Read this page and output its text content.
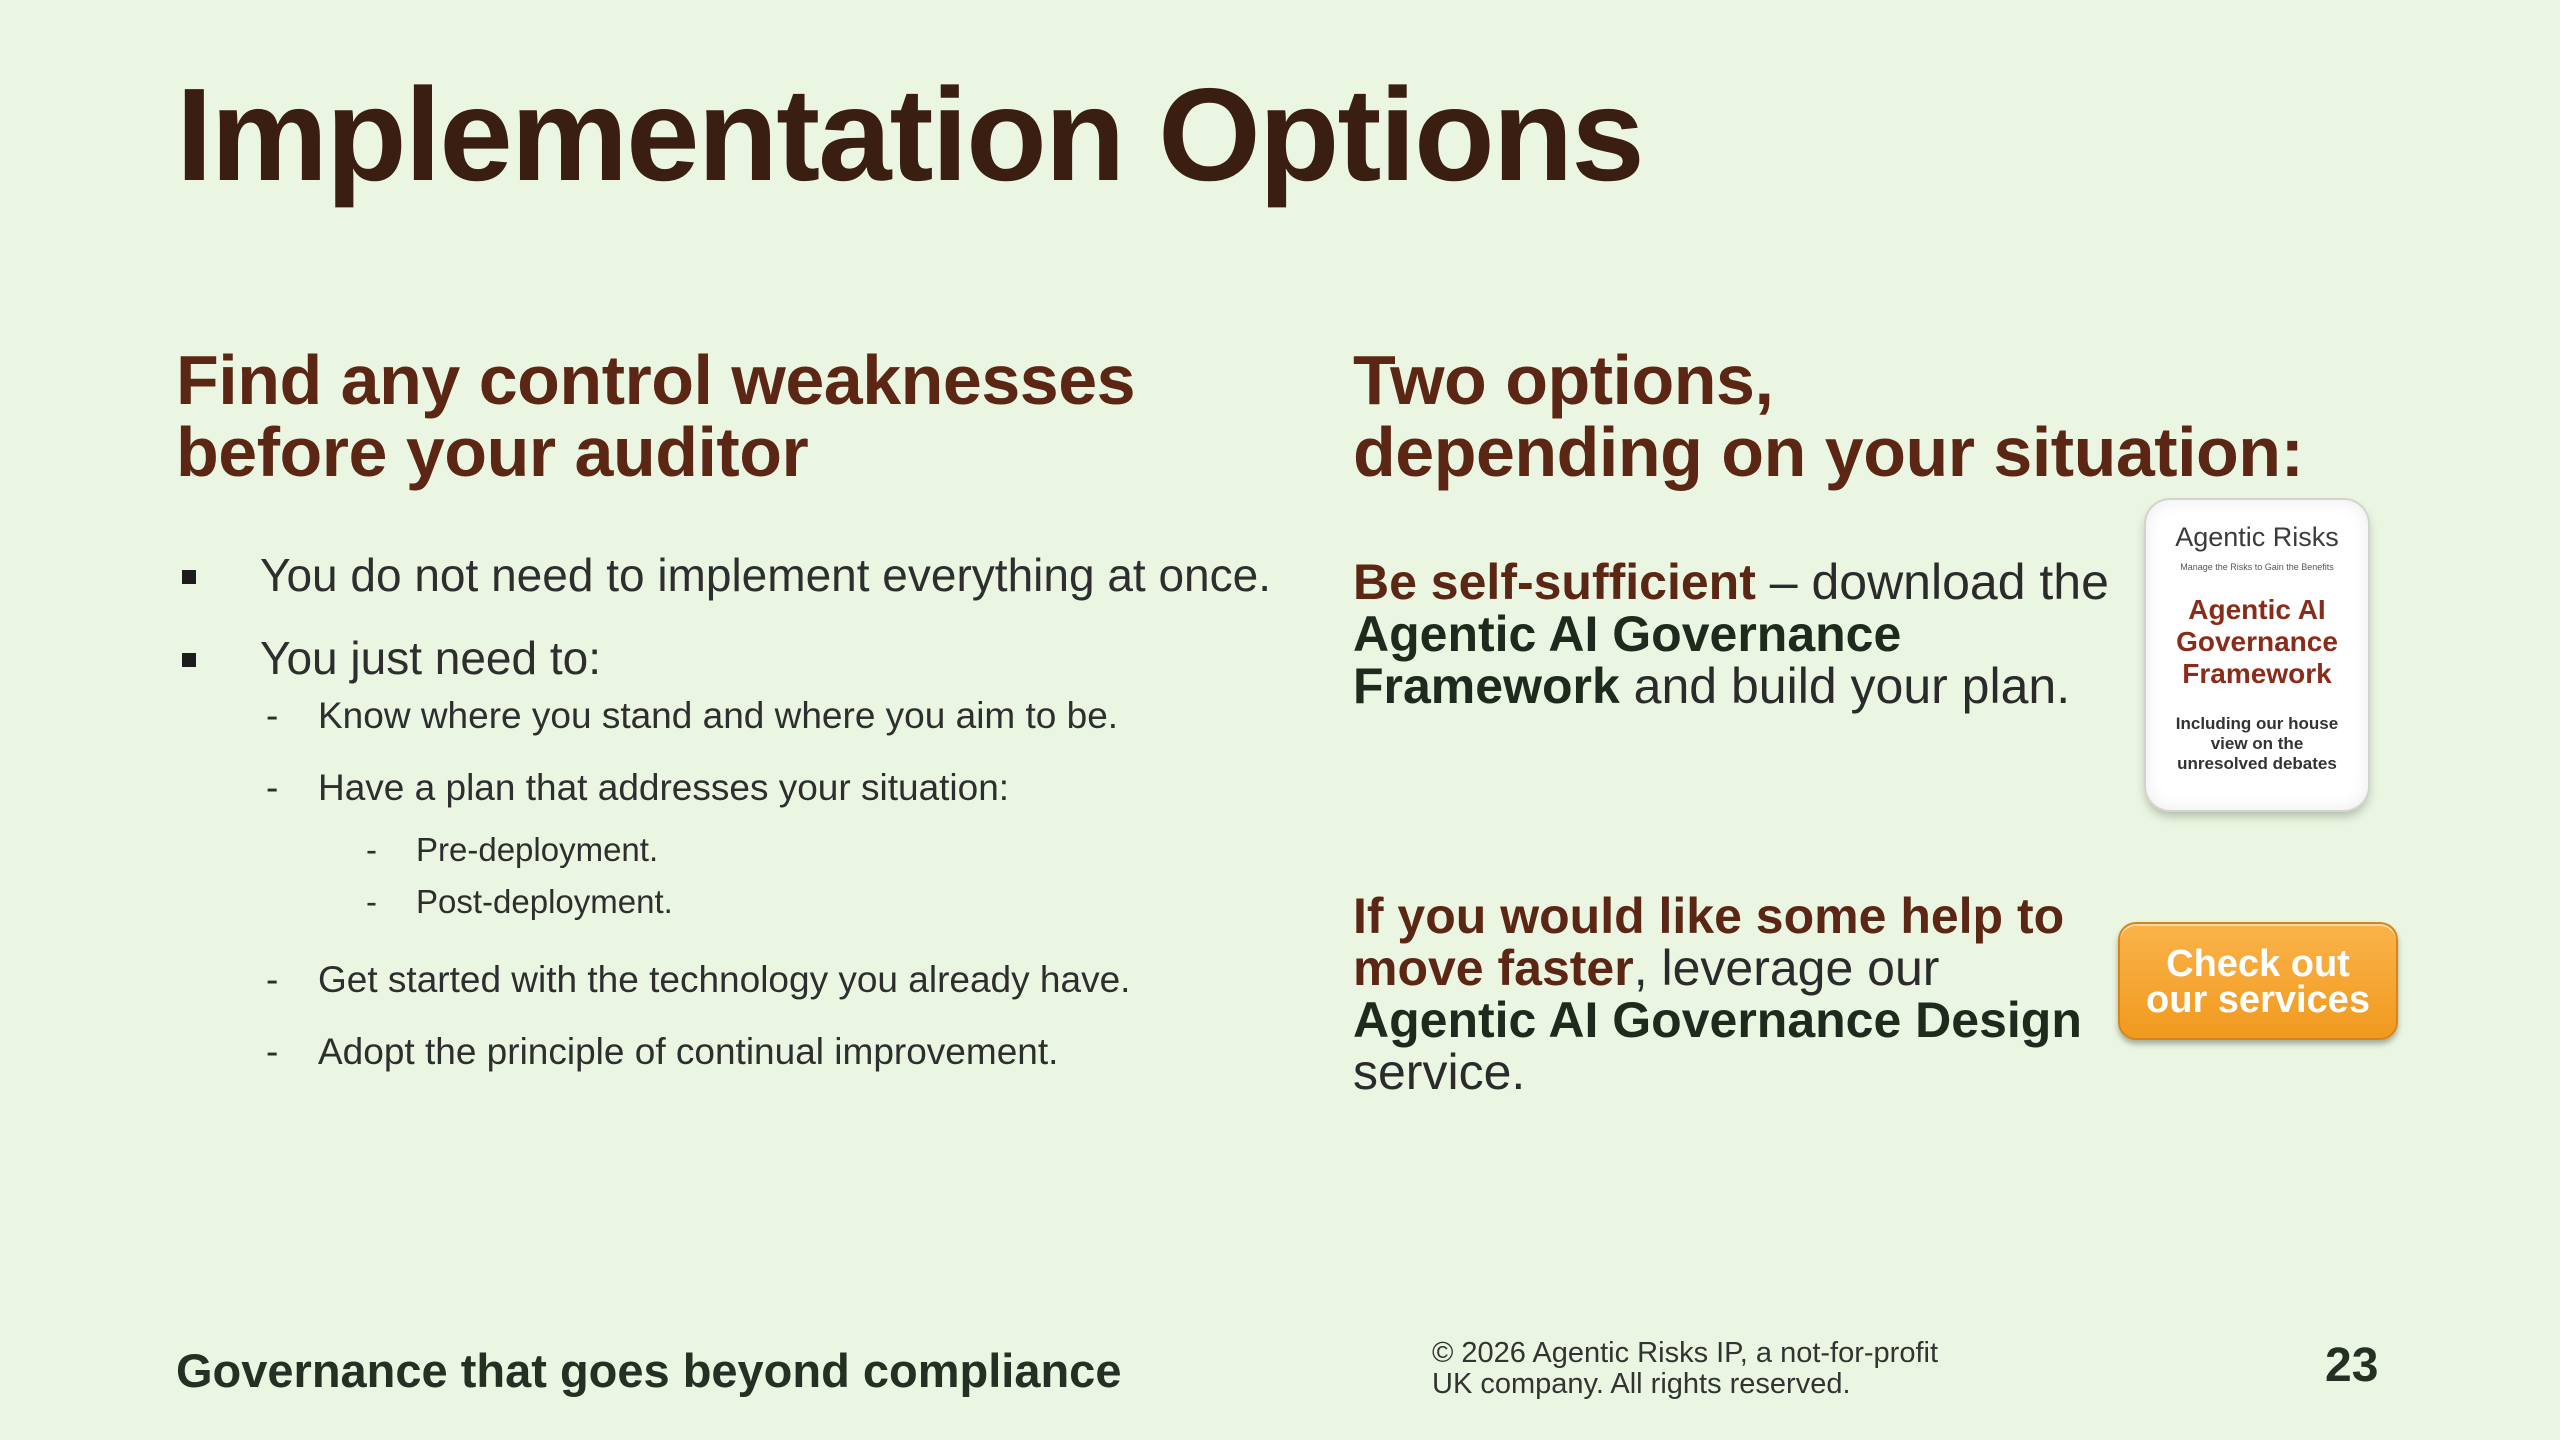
Implementation Options
Find any control weaknesses
before your auditor
Two options,
depending on your situation:
You do not need to implement everything at once.
You just need to:
- Know where you stand and where you aim to be.
- Have a plan that addresses your situation:
- Pre-deployment.
- Post-deployment.
- Get started with the technology you already have.
- Adopt the principle of continual improvement.
Be self-sufficient – download the Agentic AI Governance Framework and build your plan.
Agentic Risks
Manage the Risks to Gain the Benefits
Agentic AI
Governance
Framework
Including our house
view on the
unresolved debates
If you would like some help to move faster, leverage our Agentic AI Governance Design service.
Check out
our services
Governance that goes beyond compliance	© 2026 Agentic Risks IP, a not-for-profit
UK company. All rights reserved.	23
